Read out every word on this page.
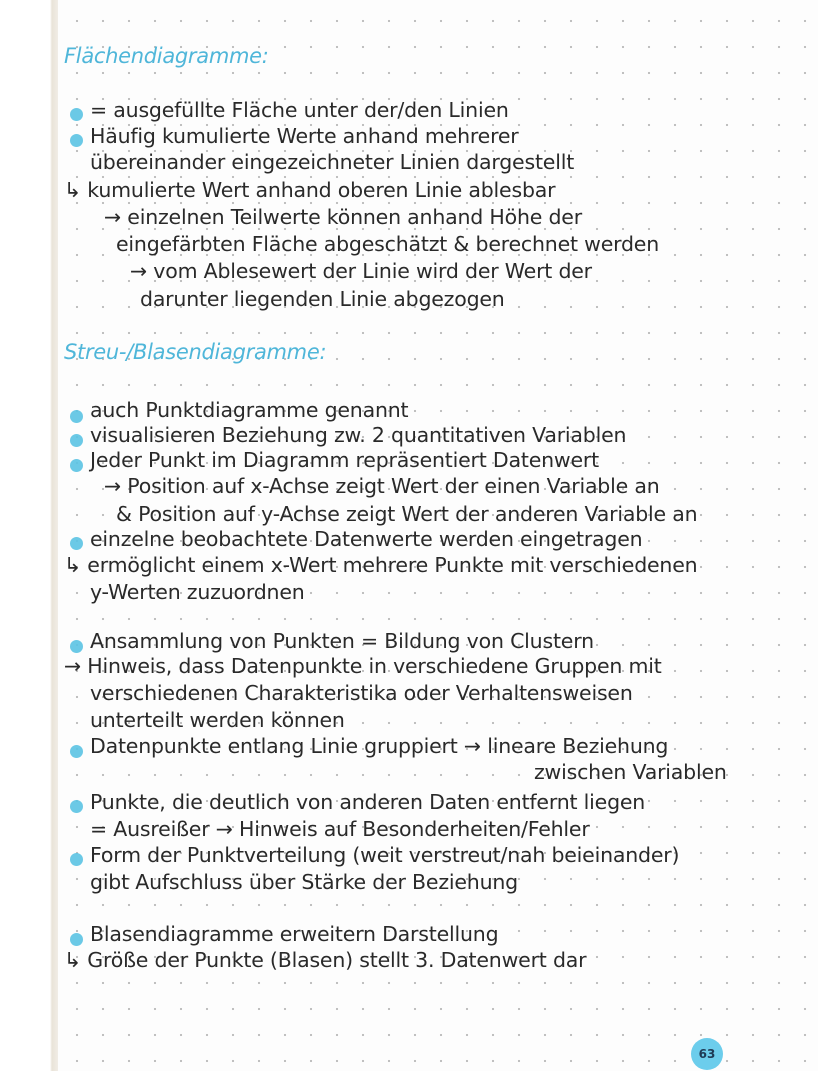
Flächendiagramme:
= ausgefüllte Fläche unter der/den Linien
Häufig kumulierte Werte anhand mehrerer
übereinander eingezeichneter Linien dargestellt
↳ kumulierte Wert anhand oberen Linie ablesbar
→ einzelnen Teilwerte können anhand Höhe der
eingefärbten Fläche abgeschätzt & berechnet werden
→ vom Ablesewert der Linie wird der Wert der
darunter liegenden Linie abgezogen
Streu-/Blasendiagramme:
auch Punktdiagramme genannt
visualisieren Beziehung zw. 2 quantitativen Variablen
Jeder Punkt im Diagramm repräsentiert Datenwert
→ Position auf x-Achse zeigt Wert der einen Variable an
& Position auf y-Achse zeigt Wert der anderen Variable an
einzelne beobachtete Datenwerte werden eingetragen
↳ ermöglicht einem x-Wert mehrere Punkte mit verschiedenen
y-Werten zuzuordnen
Ansammlung von Punkten = Bildung von Clustern
→ Hinweis, dass Datenpunkte in verschiedene Gruppen mit
verschiedenen Charakteristika oder Verhaltensweisen
unterteilt werden können
Datenpunkte entlang Linie gruppiert → lineare Beziehung
zwischen Variablen
Punkte, die deutlich von anderen Daten entfernt liegen
= Ausreißer → Hinweis auf Besonderheiten/Fehler
Form der Punktverteilung (weit verstreut/nah beieinander)
gibt Aufschluss über Stärke der Beziehung
Blasendiagramme erweitern Darstellung
↳ Größe der Punkte (Blasen) stellt 3. Datenwert dar
63
